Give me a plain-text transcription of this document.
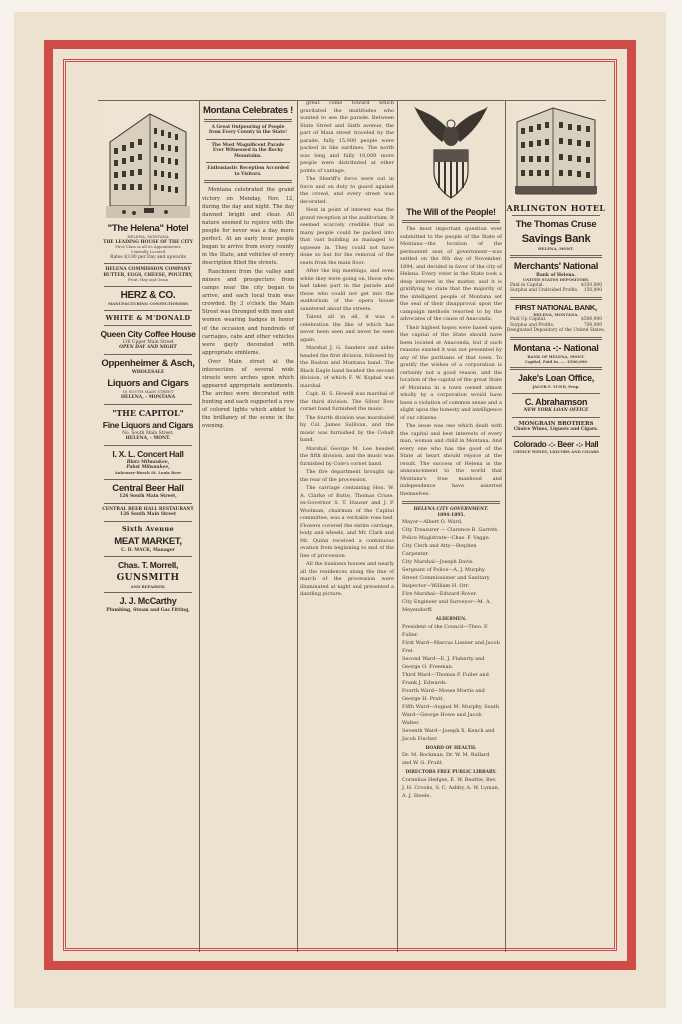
"The Helena" Hotel
HELENA, MONTANA
THE LEADING HOUSE OF THE CITY
First-Class in all its Appointments
Centrally Located
Rates $3.00 per Day and upwards
HELENA COMMISSION COMPANY
BUTTER, EGGS, CHEESE, POULTRY,
Fruit, Hay and Grain
HERZ & CO.
MANUFACTURING CONFECTIONERS
WHITE & M'DONALD
Queen City Coffee House
136 Upper Main Street
OPEN DAY AND NIGHT
Oppenheimer & Asch,
WHOLESALE
Liquors and Cigars
16 SOUTH MAIN STREET
HELENA, - MONTANA
"THE CAPITOL"
Fine Liquors and Cigars
No. South Main Street,
HELENA, - MONT.
I. X. L. Concert Hall
Blatz Milwaukee,
Pabst Milwaukee,
Anheuser-Busch St. Louis Beer
Central Beer Hall
126 South Main Street,
CENTRAL BEER HALL RESTAURANT
126 South Main Street
Sixth Avenue
MEAT MARKET,
C. D. MACK, Manager
Chas. T. Morrell,
GUNSMITH
AND REPAIRER.
J. J. McCarthy
Plumbing, Steam and Gas Fitting,
Montana Celebrates !
A Great Outpouring of People from Every County in the State!
The Most Magnificent Parade Ever Witnessed in the Rocky Mountains.
Enthusiastic Reception Accorded to Visitors.

Montana celebrated the grand victory on Monday, Nov. 12, during the day and night. The day dawned bright and clear. All nature seemed to rejoice with the people for never was a day more perfect. At an early hour people began to arrive from every county in the State, and vehicles of every description filled the streets.

Ranchmen from the valley and miners and prospectors from camps near the city began to arrive, and each local train was crowded. By 3 o'clock the Main Street was thronged with men and women wearing badges in honor of the occasion and hundreds of carriages, cabs and other vehicles were gayly decorated with appropriate emblems.

Over Main street at the intersection of several wide streets were arches upon which appeared appropriate sentiments. The arches were decorated with bunting and each supported a row of colored lights which added to the brilliancy of the scene in the evening.

great come toward which gravitated the multitudes who wanted to see the parade. Between State Street and Sixth avenue, the part of Main street traveled by the parade, fully 15,000 people were packed in like sardines. The north was long and fully 10,000 more people were distributed at other points of vantage.

The Sheriff's force were out in force and on duty to guard against the crowd, and every street was decorated.

Next in point of interest was the grand reception at the auditorium. It seemed scarcely credible that so many people could be packed into that vast building as managed to squeeze in. They could not have done so but for the removal of the seats from the main floor.

After the big meetings, and even while they were going on, those who had taken part in the parade and those who could not get into the auditorium of the opera house sauntered about the streets.

Talent all in all, it was a celebration the like of which has never been seen and never be seen again.

Marshal J. G. Sanders and aides headed the first division, followed by the Boston and Montana band. The Black Eagle band headed the second division, of which F. W. Kopbal was marshal.

Capt. H. S. Howell was marshal of the third division. The Silver Bow cornet band furnished the music.

The fourth division was marshaled by Col. James Sullivan, and the music was furnished by the Cobalt band.

Marshal George M. Lee headed the fifth division, and the music was furnished by Cole's cornet band.

The fire department brought up the rear of the procession.

The carriage containing Hon. W. A. Clarke of Butte, Thomas Cruse, ex-Governor S. T. Hauser and J. P. Woolman, chairman of the Capital committee, was a veritable rose bed. Flowers covered the entire carriage, body and wheels, and Mr. Clark and Mr. Quinn received a continuous ovation from beginning to end of the line of procession.

All the business houses and nearly all the residences along the line of march of the procession were illuminated at night and presented a dazzling picture.

The Will of the People!

The most important question ever submitted to the people of the State of Montana—the location of the permanent seat of government—was settled on the 6th day of November, 1894, and decided in favor of the city of Helena. Every voter in the State took a deep interest in the matter, and it is gratifying to state that the majority of the intelligent people of Montana set the seal of their disapproval upon the campaign methods resorted to by the advocates of the cause of Anaconda.

Their highest hopes were based upon the capital of the State should have been located at Anaconda, but if such reasons existed it was not presented by any of the partisans of that town. To gratify the wishes of a corporation is certainly not a good reason, and the location of the capital of the great State of Montana in a town owned almost wholly by a corporation would have been a violation of common sense and a slight upon the honesty and intelligence of our citizens.

The issue was one which dealt with the capital and best interests of every man, woman and child in Montana. And every one who has the good of the State at heart should rejoice at the result. The success of Helena is the announcement to the world that Montana's true manhood and independence have asserted themselves.

HELENA CITY GOVERNMENT.
1894-1895.
Mayor—Albert O. Ward,
City Treasurer — Clarence B. Garrett.
Police Magistrate—Chas. F. Vagge.
City Clerk and Atty—Stephen Carpenter.
City Marshal—Joseph Davis.
Sergeant of Police—A. J. Murphy.
Street Commissioner and Sanitary Inspector—William H. Orr.
Fire Marshal—Edward Rover.
City Engineer and Surveyor—M. A. Meyendorff.
ALDERMEN.
President of the Council—Theo. F. Fuller.
First Ward—Marcus Lissner and Jacob Frei.
Second Ward—E. J. Flaherty and George O. Freeman.
Third Ward—Thomas P. Fuller and Frank J. Edwards.
Fourth Ward—Moses Morris and George H. Pratt.
Fifth Ward—August M. Murphy. South Ward—George Howe and Jacob Walter.
Seventh Ward—Joseph X. Kench and Jacob Fischer.
BOARD OF HEALTH.
Dr. M. Rockman, Dr. W. M. Bullard and W. G. Pruitt.
DIRECTORS FREE PUBLIC LIBRARY.
Cornelius Hedges, E. W. Beattie, Rev. J. H. Crooks, S. C. Ashby, A. W. Lyman, A. J. Steele.
ARLINGTON HOTEL
The Thomas Cruse
Savings Bank
HELENA, MONT.
Merchants' National
Bank of Helena.
UNITED STATES DEPOSITORY.
Paid in Capital.	$350,000
Surplus and Undivided Profits. 150,000
FIRST NATIONAL BANK,
HELENA, MONTANA.
Paid Up Capital.	$500,000
Surplus and Profits.	700,000
Designated Depository of the United States.
Montana -:- National
BANK OF HELENA, MONT.
Capital, Paid In ..... $500,000
Jake's Loan Office,
JACOB F. YUND, Prop.
C. Abrahamson
NEW YORK LOAN OFFICE
MONGRAIN BROTHERS
Choice Wines, Liquors and Cigars.
Colorado -:- Beer -:- Hall
CHOICE WINES, LIQUORS AND CIGARS
